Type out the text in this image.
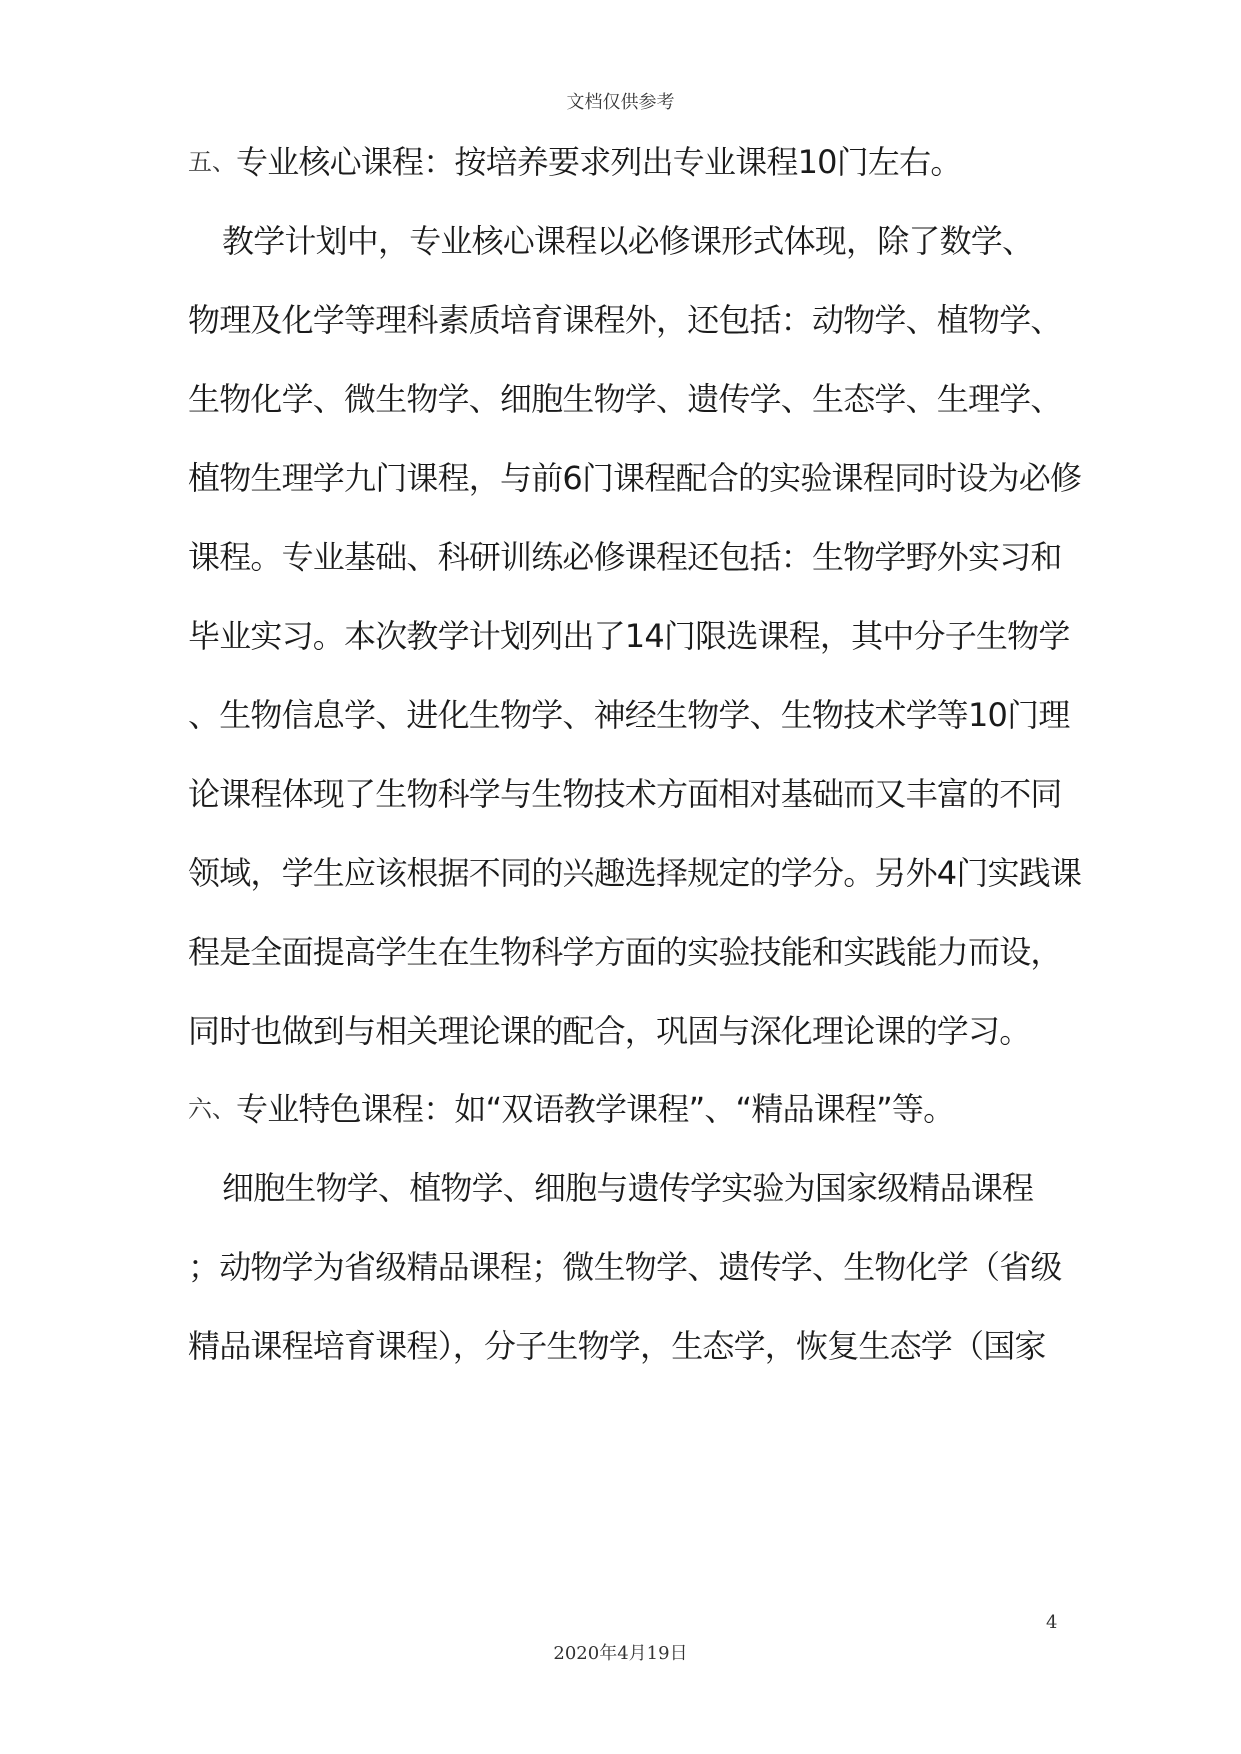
文档仅供参考
五、 专业核心课程：按培养要求列出专业课程10门左右。
教学计划中，专业核心课程以必修课形式体现，除了数学、
物理及化学等理科素质培育课程外，还包括：动物学、植物学、
生物化学、微生物学、细胞生物学、遗传学、生态学、生理学、
植物生理学九门课程，与前6门课程配合的实验课程同时设为必修
课程。专业基础、科研训练必修课程还包括：生物学野外实习和
毕业实习。本次教学计划列出了14门限选课程，其中分子生物学
、生物信息学、进化生物学、神经生物学、生物技术学等10门理
论课程体现了生物科学与生物技术方面相对基础而又丰富的不同
领域，学生应该根据不同的兴趣选择规定的学分。另外4门实践课
程是全面提高学生在生物科学方面的实验技能和实践能力而设，
同时也做到与相关理论课的配合，巩固与深化理论课的学习。
六、 专业特色课程：如“双语教学课程”、“精品课程”等。
细胞生物学、植物学、细胞与遗传学实验为国家级精品课程
；动物学为省级精品课程；微生物学、遗传学、生物化学（省级
精品课程培育课程），分子生物学，生态学，恢复生态学（国家
4
2020年4月19日
